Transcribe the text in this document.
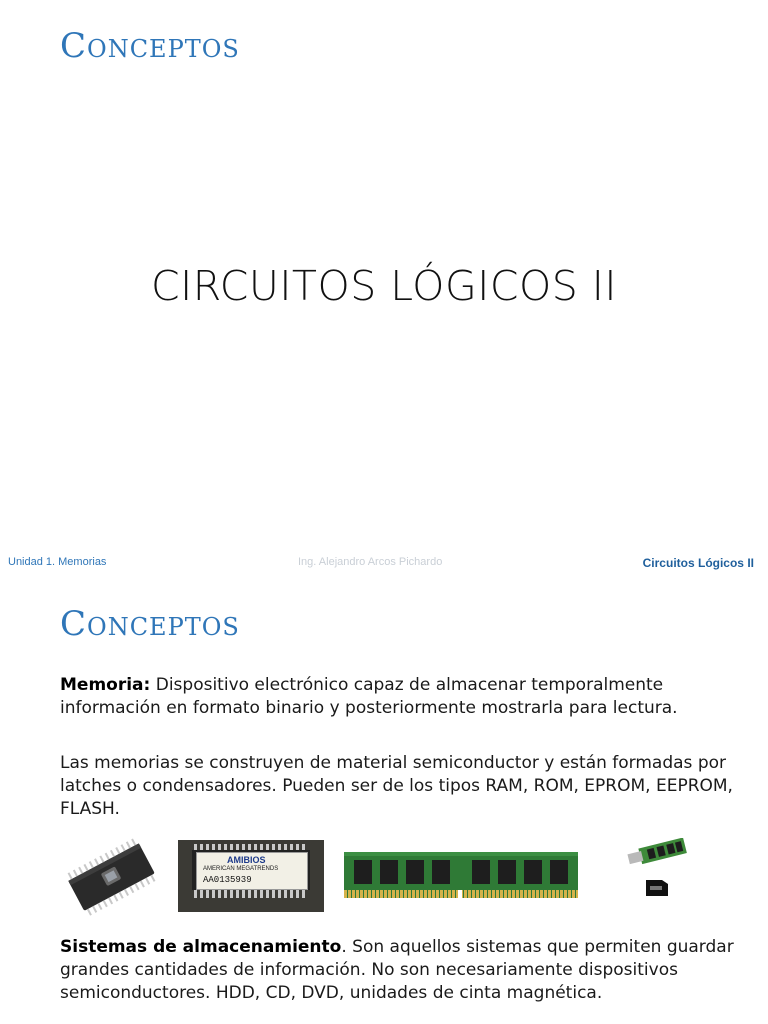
Conceptos
CIRCUITOS LÓGICOS II
Unidad 1. Memorias	Ing. Alejandro Arcos Pichardo	Circuitos Lógicos II
Conceptos
Memoria: Dispositivo electrónico capaz de almacenar temporalmente información en formato binario y posteriormente mostrarla para lectura.
Las memorias se construyen de material semiconductor y están formadas por latches o condensadores. Pueden ser de los tipos RAM, ROM, EPROM, EEPROM, FLASH.
AMIBIOS
AMERICAN MEGATRENDS
AA0135939
Sistemas de almacenamiento. Son aquellos sistemas que permiten guardar grandes cantidades de información. No son necesariamente dispositivos semiconductores. HDD, CD, DVD, unidades de cinta magnética.
